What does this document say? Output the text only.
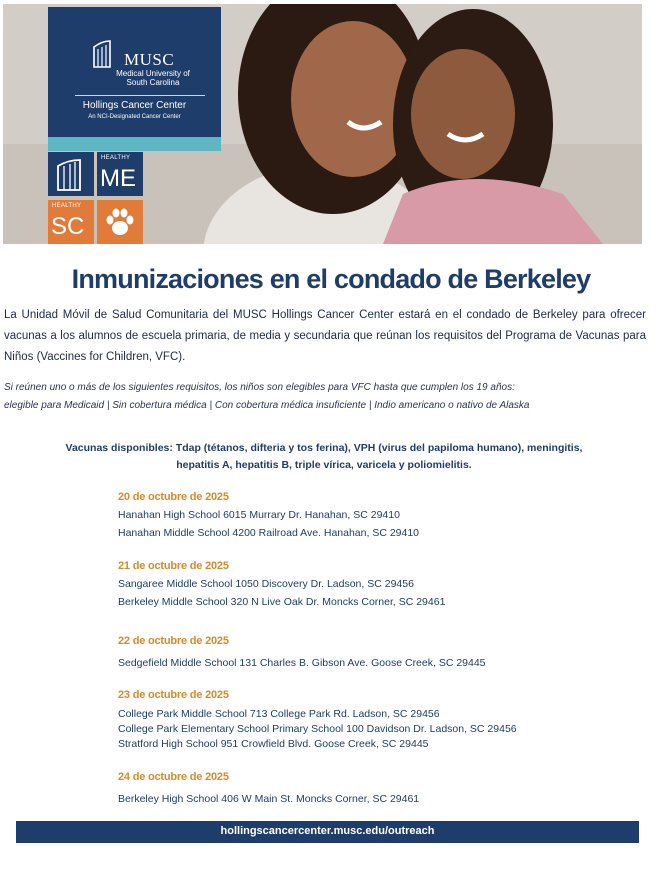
MUSC
Medical University of South Carolina
Hollings Cancer Center
An NCI-Designated Cancer Center
HEALTHY
ME
HEALTHY
SC
Inmunizaciones en el condado de Berkeley
La Unidad Móvil de Salud Comunitaria del MUSC Hollings Cancer Center estará en el condado de Berkeley para ofrecer vacunas a los alumnos de escuela primaria, de media y secundaria que reúnan los requisitos del Programa de Vacunas para Niños (Vaccines for Children, VFC).
Si reúnen uno o más de los siguientes requisitos, los niños son elegibles para VFC hasta que cumplen los 19 años:
elegible para Medicaid | Sin cobertura médica | Con cobertura médica insuficiente | Indio americano o nativo de Alaska
Vacunas disponibles: Tdap (tétanos, difteria y tos ferina), VPH (virus del papiloma humano), meningitis,
hepatitis A, hepatitis B, triple vírica, varicela y poliomielitis.
20 de octubre de 2025
Hanahan High School 6015 Murrary Dr. Hanahan, SC 29410
Hanahan Middle School 4200 Railroad Ave. Hanahan, SC 29410
21 de octubre de 2025
Sangaree Middle School 1050 Discovery Dr. Ladson, SC 29456
Berkeley Middle School 320 N Live Oak Dr. Moncks Corner, SC 29461
22 de octubre de 2025
Sedgefield Middle School 131 Charles B. Gibson Ave. Goose Creek, SC 29445
23 de octubre de 2025
College Park Middle School 713 College Park Rd. Ladson, SC 29456
College Park Elementary School Primary School 100 Davidson Dr. Ladson, SC 29456
Stratford High School 951 Crowfield Blvd. Goose Creek, SC 29445
24 de octubre de 2025
Berkeley High School 406 W Main St. Moncks Corner, SC 29461
hollingscancercenter.musc.edu/outreach
